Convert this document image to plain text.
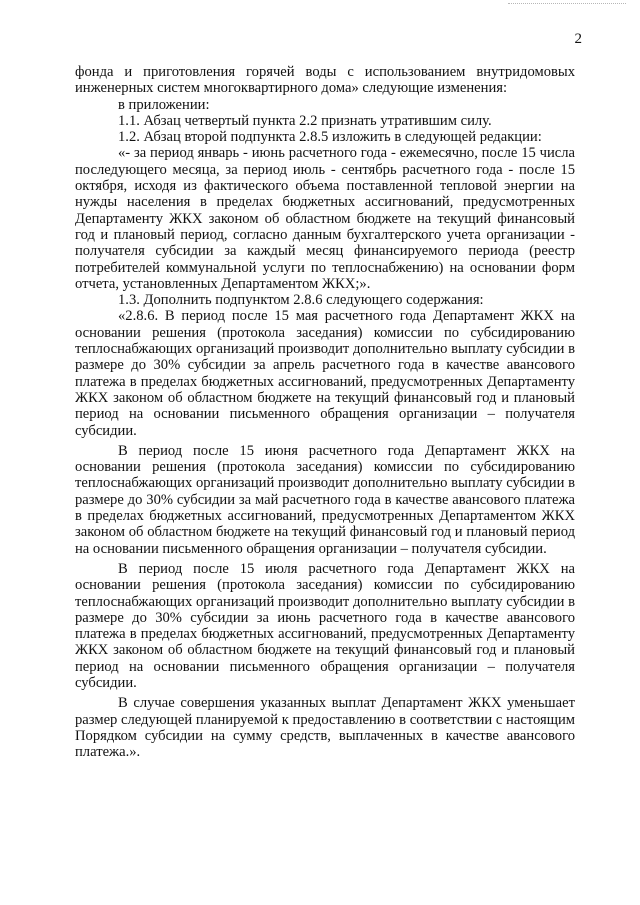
2

фонда и приготовления горячей воды с использованием внутридомовых инженерных систем многоквартирного дома» следующие изменения:

в приложении:

1.1. Абзац четвертый пункта 2.2 признать утратившим силу.

1.2. Абзац второй подпункта 2.8.5 изложить в следующей редакции:

«- за период январь - июнь расчетного года - ежемесячно, после 15 числа последующего месяца, за период июль - сентябрь расчетного года - после 15 октября, исходя из фактического объема поставленной тепловой энергии на нужды населения в пределах бюджетных ассигнований, предусмотренных Департаменту ЖКХ законом об областном бюджете на текущий финансовый год и плановый период, согласно данным бухгалтерского учета организации - получателя субсидии за каждый месяц финансируемого периода (реестр потребителей коммунальной услуги по теплоснабжению) на основании форм отчета, установленных Департаментом ЖКХ;».

1.3. Дополнить подпунктом 2.8.6 следующего содержания:

«2.8.6. В период после 15 мая расчетного года Департамент ЖКХ на основании решения (протокола заседания) комиссии по субсидированию теплоснабжающих организаций производит дополнительно выплату субсидии в размере до 30% субсидии за апрель расчетного года в качестве авансового платежа в пределах бюджетных ассигнований, предусмотренных Департаменту ЖКХ законом об областном бюджете на текущий финансовый год и плановый период на основании письменного обращения организации – получателя субсидии.

В период после 15 июня расчетного года Департамент ЖКХ на основании решения (протокола заседания) комиссии по субсидированию теплоснабжающих организаций производит дополнительно выплату субсидии в размере до 30% субсидии за май расчетного года в качестве авансового платежа в пределах бюджетных ассигнований, предусмотренных Департаментом ЖКХ законом об областном бюджете на текущий финансовый год и плановый период на основании письменного обращения организации – получателя субсидии.

В период после 15 июля расчетного года Департамент ЖКХ на основании решения (протокола заседания) комиссии по субсидированию теплоснабжающих организаций производит дополнительно выплату субсидии в размере до 30% субсидии за июнь расчетного года в качестве авансового платежа в пределах бюджетных ассигнований, предусмотренных Департаменту ЖКХ законом об областном бюджете на текущий финансовый год и плановый период на основании письменного обращения организации – получателя субсидии.

В случае совершения указанных выплат Департамент ЖКХ уменьшает размер следующей планируемой к предоставлению в соответствии с настоящим Порядком субсидии на сумму средств, выплаченных в качестве авансового платежа.».
